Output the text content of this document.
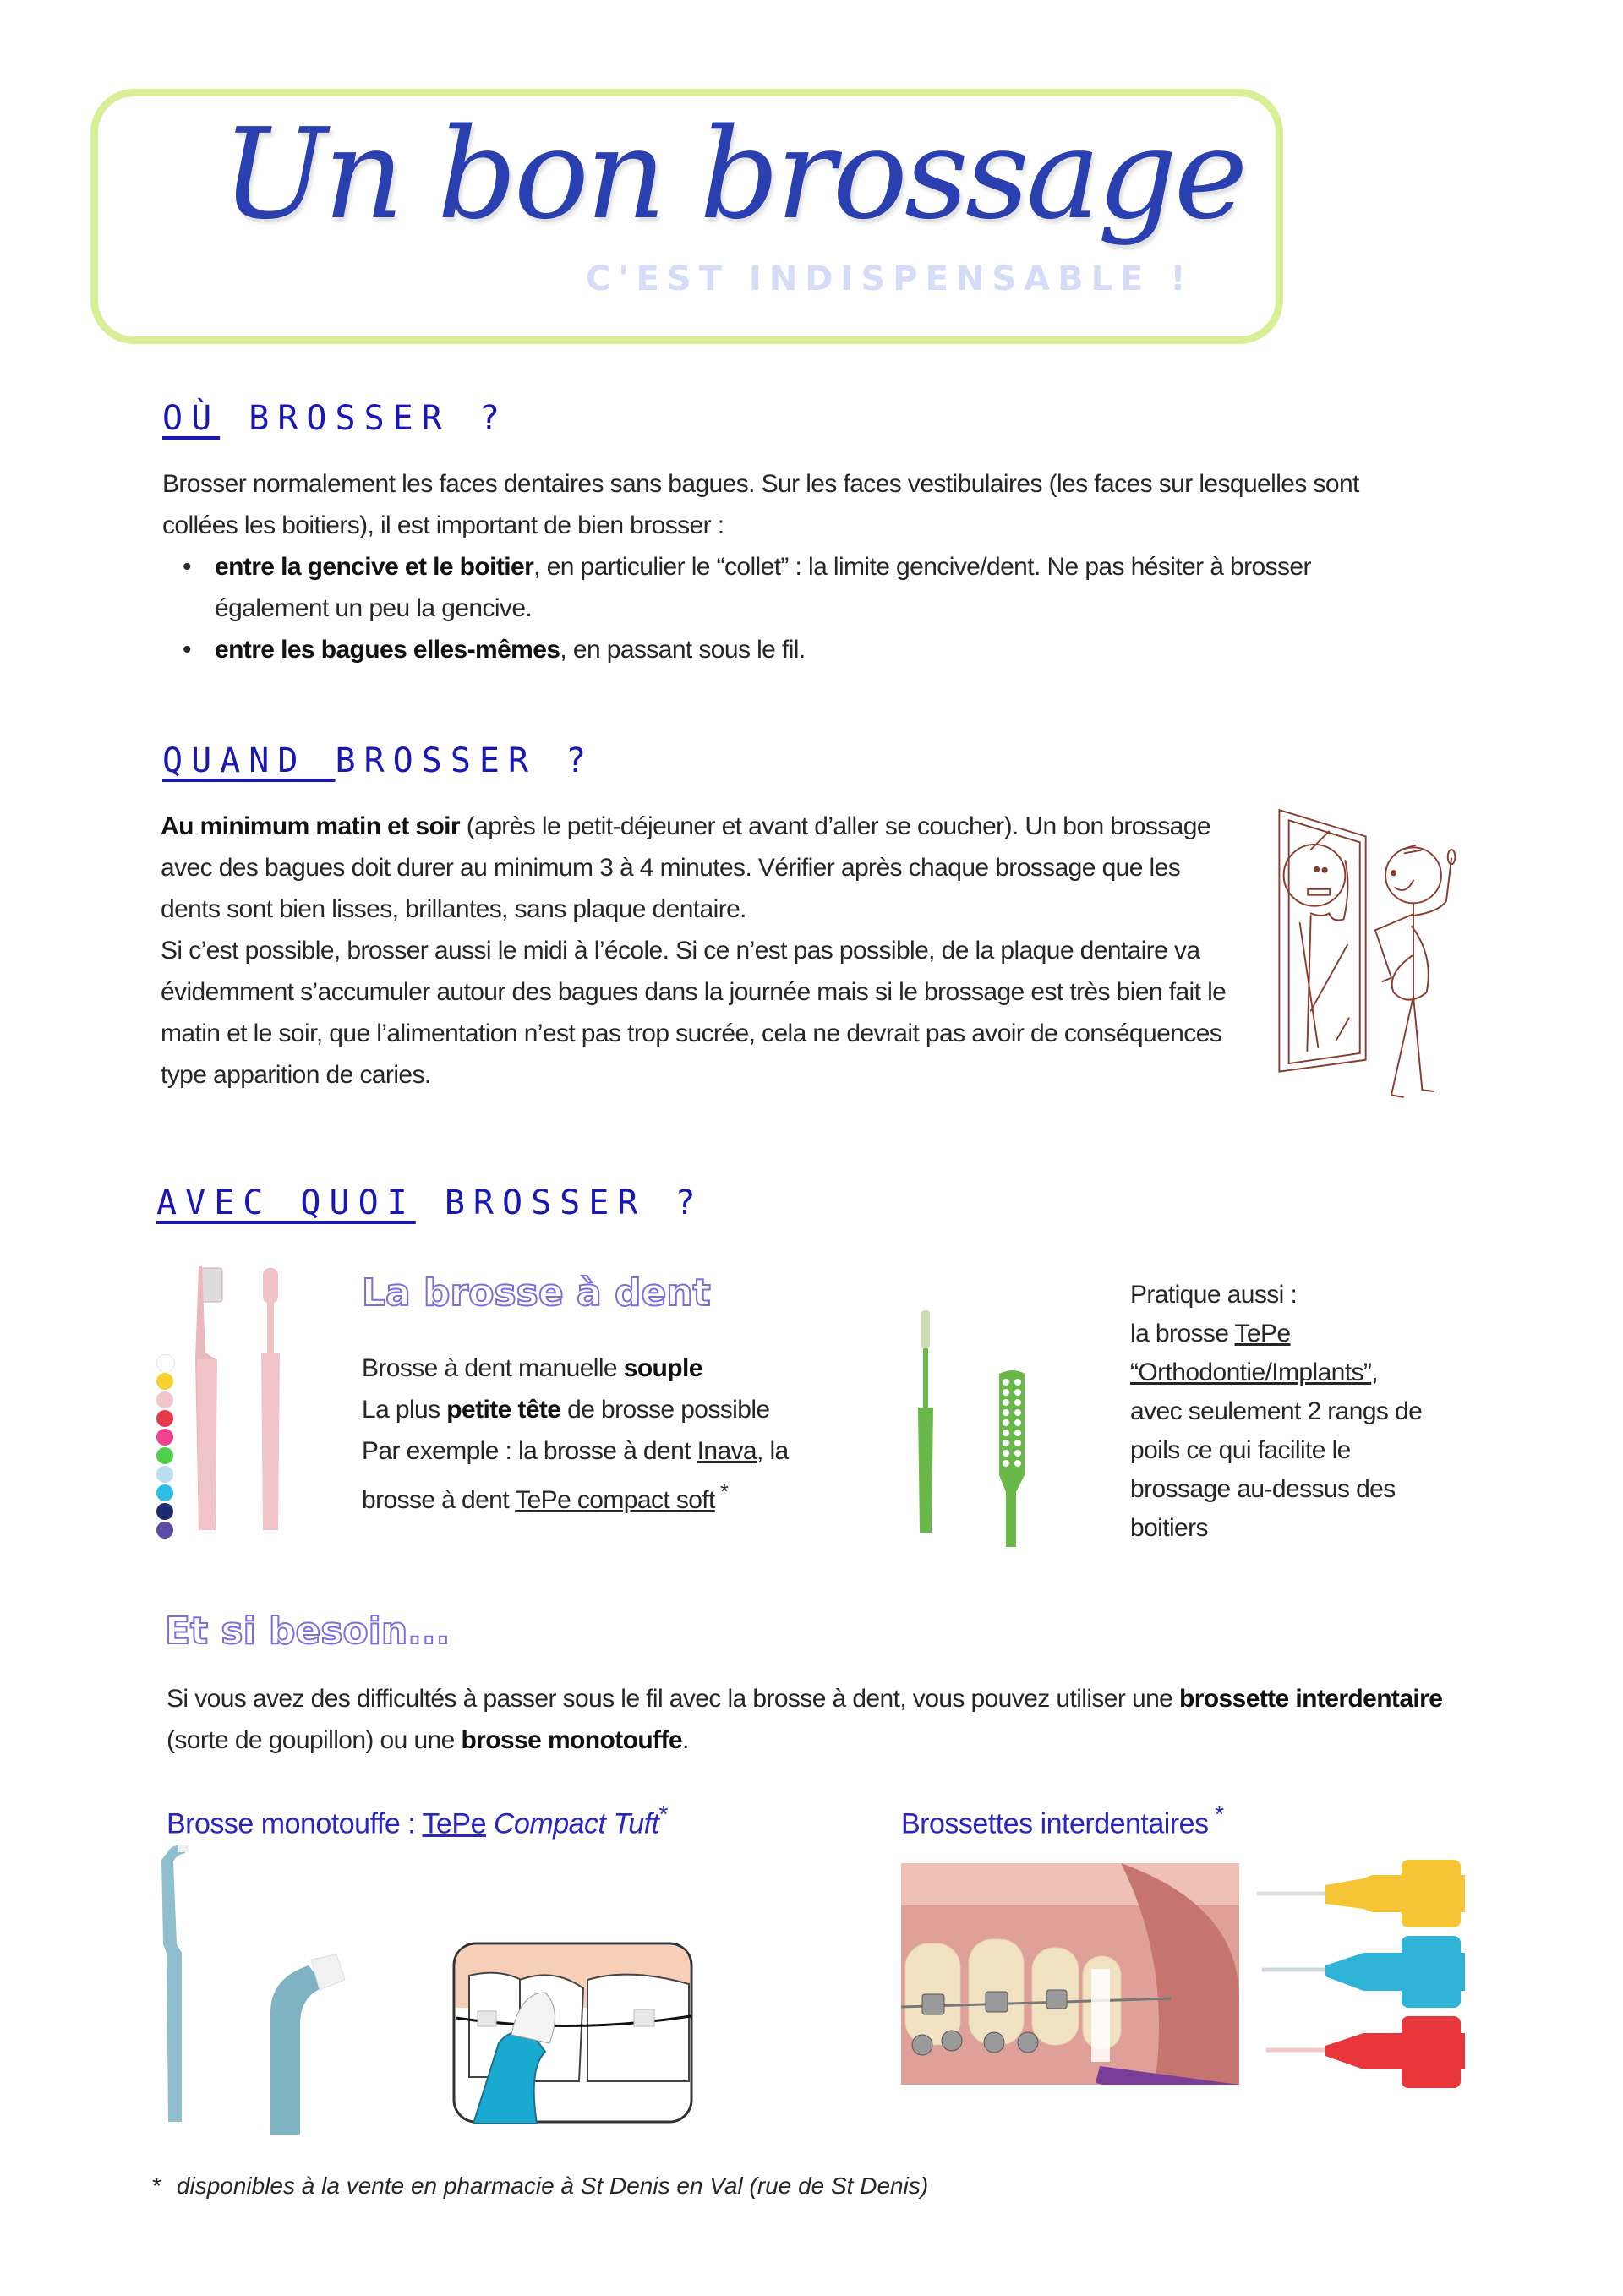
Un bon brossage
C'EST INDISPENSABLE !
OÙ BROSSER ?
Brosser normalement les faces dentaires sans bagues. Sur les faces vestibulaires (les faces sur lesquelles sont collées les boitiers), il est important de bien brosser :
• entre la gencive et le boitier, en particulier le “collet” : la limite gencive/dent. Ne pas hésiter à brosser également un peu la gencive.
• entre les bagues elles-mêmes, en passant sous le fil.
QUAND BROSSER ?
Au minimum matin et soir (après le petit-déjeuner et avant d’aller se coucher). Un bon brossage avec des bagues doit durer au minimum 3 à 4 minutes. Vérifier après chaque brossage que les dents sont bien lisses, brillantes, sans plaque dentaire.
Si c’est possible, brosser aussi le midi à l’école. Si ce n’est pas possible, de la plaque dentaire va évidemment s’accumuler autour des bagues dans la journée mais si le brossage est très bien fait le matin et le soir, que l’alimentation n’est pas trop sucrée, cela ne devrait pas avoir de conséquences type apparition de caries.
AVEC QUOI BROSSER ?
La brosse à dent
Brosse à dent manuelle souple
La plus petite tête de brosse possible
Par exemple : la brosse à dent Inava, la
brosse à dent TePe compact soft *
Pratique aussi :
la brosse TePe
“Orthodontie/Implants”,
avec seulement 2 rangs de
poils ce qui facilite le
brossage au-dessus des
boitiers
Et si besoin...
Si vous avez des difficultés à passer sous le fil avec la brosse à dent, vous pouvez utiliser une brossette interdentaire (sorte de goupillon) ou une brosse monotouffe.
Brosse monotouffe : TePe Compact Tuft*	Brossettes interdentaires *
* disponibles à la vente en pharmacie à St Denis en Val (rue de St Denis)
